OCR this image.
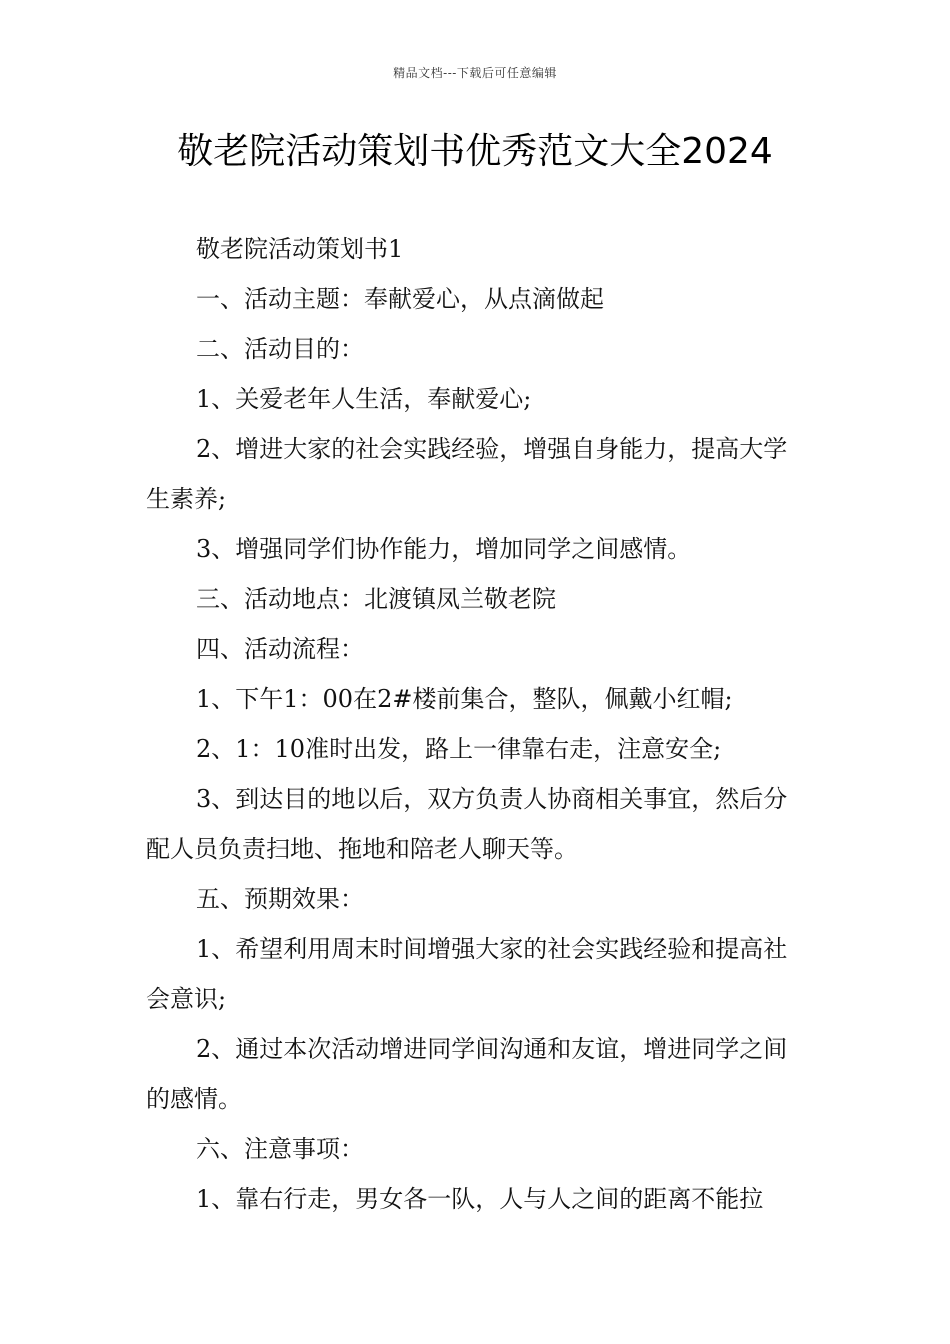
精品文档---下载后可任意编辑
敬老院活动策划书优秀范文大全2024

敬老院活动策划书1

一、活动主题：奉献爱心，从点滴做起

二、活动目的：

1、关爱老年人生活，奉献爱心;

2、增进大家的社会实践经验，增强自身能力，提高大学生素养;

3、增强同学们协作能力，增加同学之间感情。

三、活动地点：北渡镇凤兰敬老院

四、活动流程：

1、下午1：00在2#楼前集合，整队，佩戴小红帽;

2、1：10准时出发，路上一律靠右走，注意安全;

3、到达目的地以后，双方负责人协商相关事宜，然后分配人员负责扫地、拖地和陪老人聊天等。

五、预期效果：

1、希望利用周末时间增强大家的社会实践经验和提高社会意识;

2、通过本次活动增进同学间沟通和友谊，增进同学之间的感情。

六、注意事项：

1、靠右行走，男女各一队，人与人之间的距离不能拉
